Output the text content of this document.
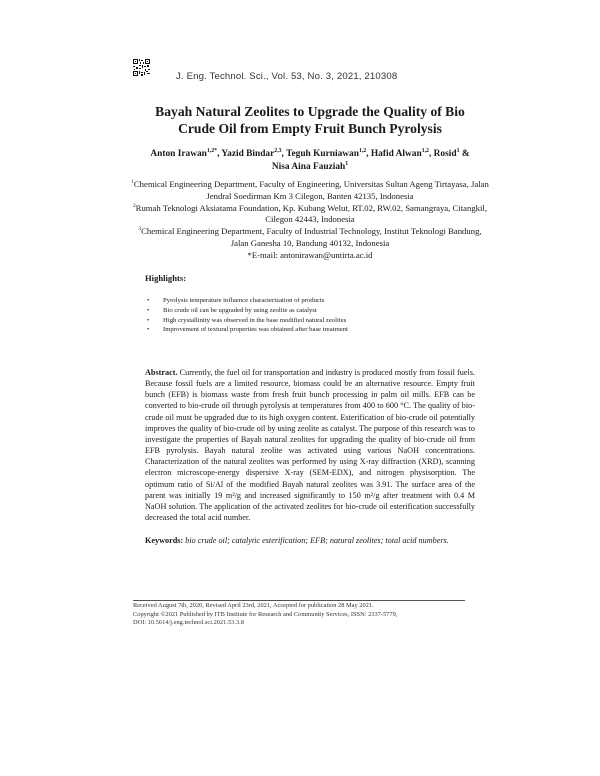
J. Eng. Technol. Sci., Vol. 53, No. 3, 2021, 210308
Bayah Natural Zeolites to Upgrade the Quality of Bio
Crude Oil from Empty Fruit Bunch Pyrolysis
Anton Irawan$^{1,2*}$, Yazid Bindar$^{2,3}$, Teguh Kurniawan$^{1,2}$, Hafid Alwan$^{1,2}$, Rosid$^1$ &
Nisa Aina Fauziah$^1$
$^1$Chemical Engineering Department, Faculty of Engineering, Universitas Sultan Ageng Tirtayasa, Jalan Jendral Soedirman Km 3 Cilegon, Banten 42135, Indonesia
$^2$Rumah Teknologi Aksiatama Foundation, Kp. Kubang Welut, RT.02, RW.02, Samangraya, Citangkil, Cilegon 42443, Indonesia
$^3$Chemical Engineering Department, Faculty of Industrial Technology, Institut Teknologi Bandung, Jalan Ganesha 10, Bandung 40132, Indonesia
*E-mail: antonirawan@untirta.ac.id
Highlights:
• Pyrolysis temperature influence characterization of products
• Bio crude oil can be upgraded by using zeolite as catalyst
• High crystallinity was observed in the base modified natural zeolites
• Improvement of textural properties was obtained after base treatment
Abstract. Currently, the fuel oil for transportation and industry is produced mostly from fossil fuels. Because fossil fuels are a limited resource, biomass could be an alternative resource. Empty fruit bunch (EFB) is biomass waste from fresh fruit bunch processing in palm oil mills. EFB can be converted to bio-crude oil through pyrolysis at temperatures from 400 to 600 °C. The quality of bio-crude oil must be upgraded due to its high oxygen content. Esterification of bio-crude oil potentially improves the quality of bio-crude oil by using zeolite as catalyst. The purpose of this research was to investigate the properties of Bayah natural zeolites for upgrading the quality of bio-crude oil from EFB pyrolysis. Bayah natural zeolite was activated using various NaOH concentrations. Characterization of the natural zeolites was performed by using X-ray diffraction (XRD), scanning electron microscope-energy dispersive X-ray (SEM-EDX), and nitrogen physisorption. The optimum ratio of Si/Al of the modified Bayah natural zeolites was 3.91. The surface area of the parent was initially 19 m²/g and increased significantly to 150 m²/g after treatment with 0.4 M NaOH solution. The application of the activated zeolites for bio-crude oil esterification successfully decreased the total acid number.
Keywords: bio crude oil; catalytic esterification; EFB; natural zeolites; total acid numbers.
Received August 7th, 2020, Revised April 23rd, 2021, Accepted for publication 28 May 2021.
Copyright ©2021 Published by ITB Institute for Research and Community Services, ISSN: 2337-5779,
DOI: 10.5614/j.eng.technol.sci.2021.53.3.8
